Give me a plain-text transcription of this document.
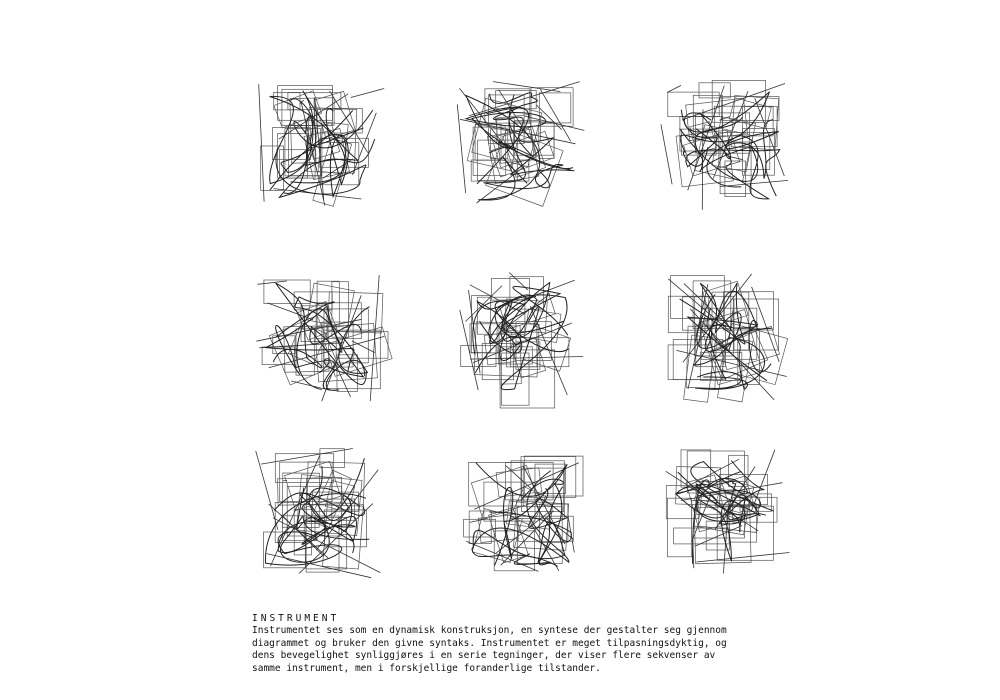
INSTRUMENT

Instrumentet ses som en dynamisk konstruksjon, en syntese der gestalter seg gjennom

diagrammet og bruker den givne syntaks. Instrumentet er meget tilpasningsdyktig, og

dens bevegelighet synliggjøres i en serie tegninger, der viser flere sekvenser av

samme instrument, men i forskjellige foranderlige tilstander.
